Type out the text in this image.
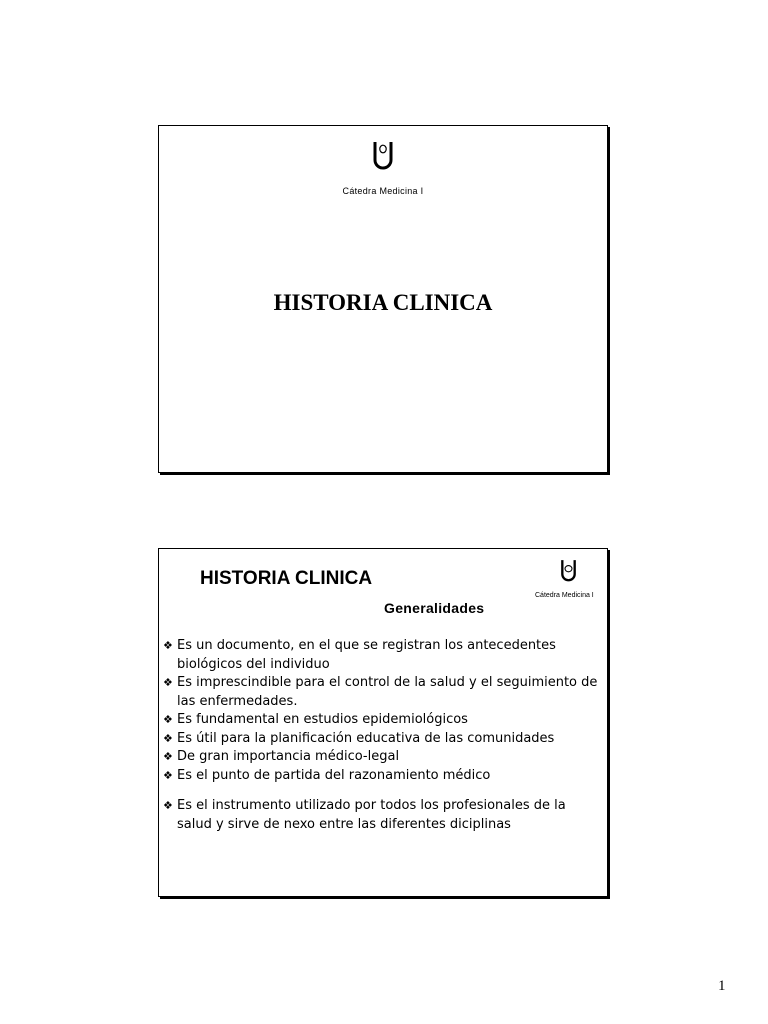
Cátedra Medicina I
HISTORIA CLINICA
HISTORIA CLINICA
Cátedra Medicina I
Generalidades
❖ Es un documento, en el que se registran los antecedentes biológicos del individuo
❖ Es imprescindible para el control de la salud y el seguimiento de las enfermedades.
❖ Es fundamental en estudios epidemiológicos
❖ Es útil para la planificación educativa de las comunidades
❖ De gran importancia médico-legal
❖ Es el punto de partida del razonamiento médico
❖ Es el instrumento utilizado por todos los profesionales de la salud y sirve de nexo entre las diferentes diciplinas
1
